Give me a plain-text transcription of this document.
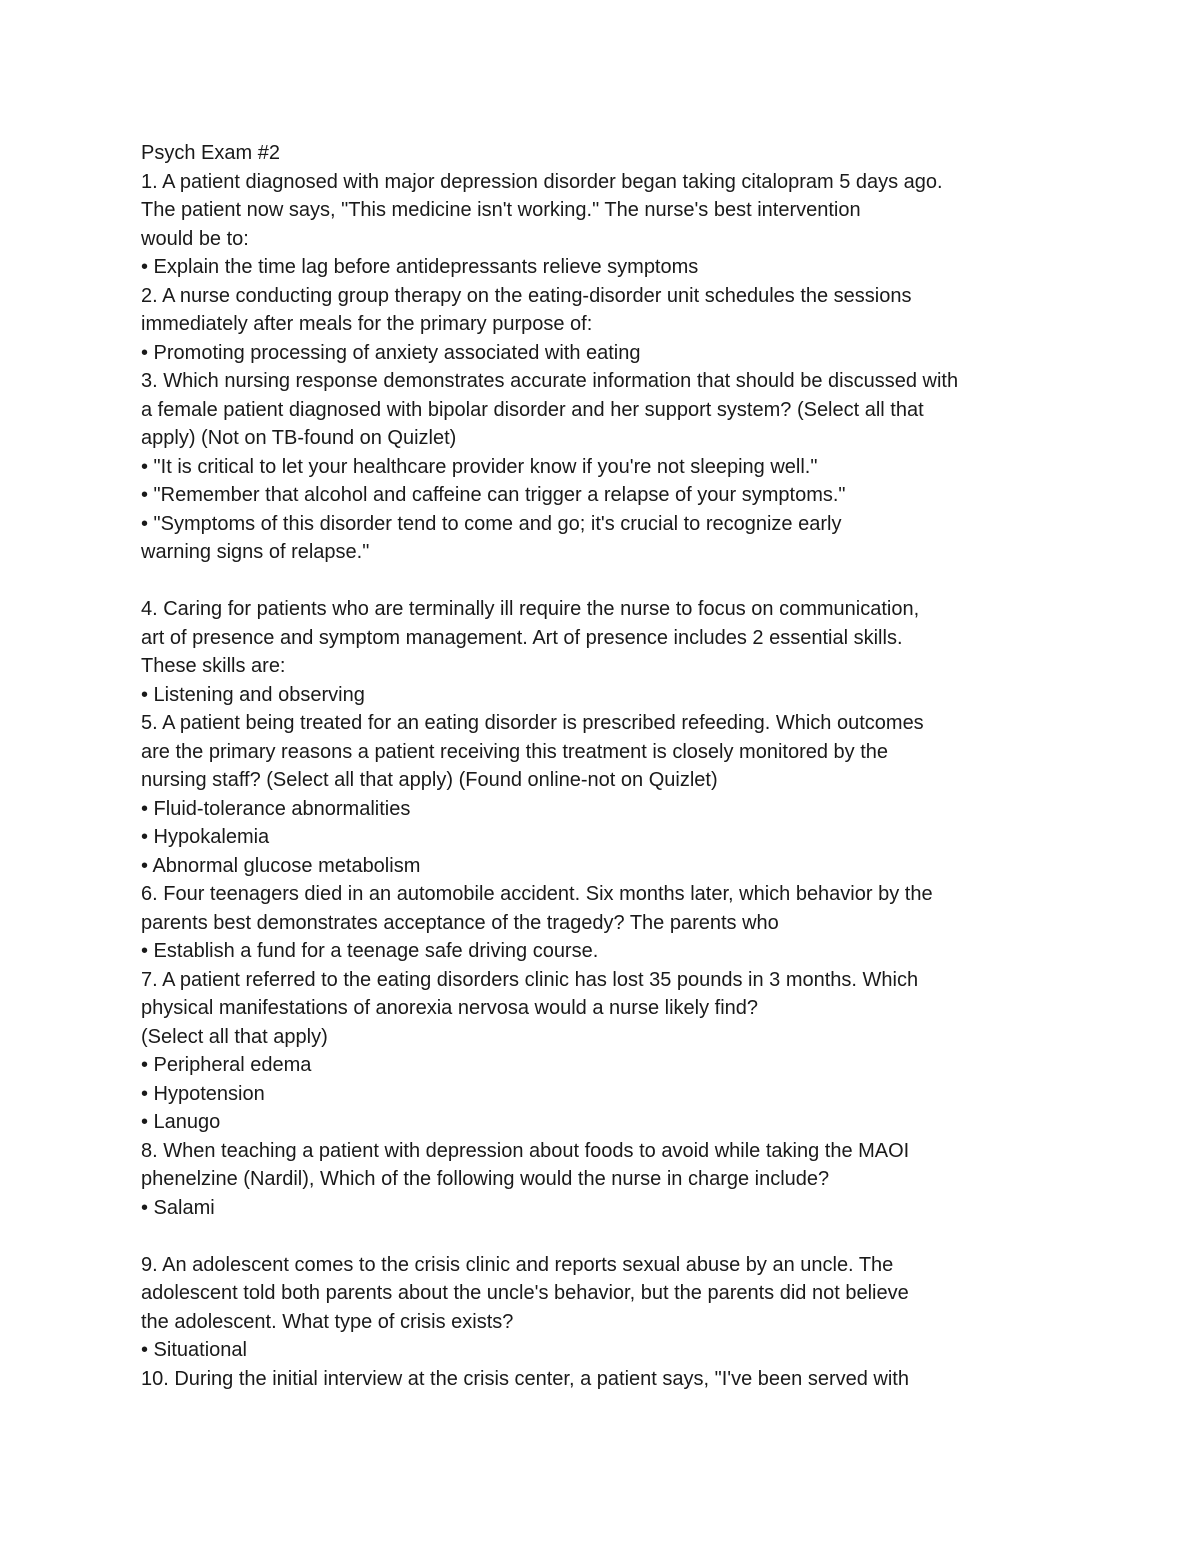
Psych Exam #2
1. A patient diagnosed with major depression disorder began taking citalopram 5 days ago.
The patient now says, "This medicine isn't working." The nurse's best intervention
would be to:
• Explain the time lag before antidepressants relieve symptoms
2. A nurse conducting group therapy on the eating-disorder unit schedules the sessions
immediately after meals for the primary purpose of:
• Promoting processing of anxiety associated with eating
3. Which nursing response demonstrates accurate information that should be discussed with
a female patient diagnosed with bipolar disorder and her support system? (Select all that
apply) (Not on TB-found on Quizlet)
• "It is critical to let your healthcare provider know if you're not sleeping well."
• "Remember that alcohol and caffeine can trigger a relapse of your symptoms."
• "Symptoms of this disorder tend to come and go; it's crucial to recognize early
warning signs of relapse."
4. Caring for patients who are terminally ill require the nurse to focus on communication,
art of presence and symptom management. Art of presence includes 2 essential skills.
These skills are:
• Listening and observing
5. A patient being treated for an eating disorder is prescribed refeeding. Which outcomes
are the primary reasons a patient receiving this treatment is closely monitored by the
nursing staff? (Select all that apply) (Found online-not on Quizlet)
• Fluid-tolerance abnormalities
• Hypokalemia
• Abnormal glucose metabolism
6. Four teenagers died in an automobile accident. Six months later, which behavior by the
parents best demonstrates acceptance of the tragedy? The parents who
• Establish a fund for a teenage safe driving course.
7. A patient referred to the eating disorders clinic has lost 35 pounds in 3 months. Which
physical manifestations of anorexia nervosa would a nurse likely find?
(Select all that apply)
• Peripheral edema
• Hypotension
• Lanugo
8. When teaching a patient with depression about foods to avoid while taking the MAOI
phenelzine (Nardil), Which of the following would the nurse in charge include?
• Salami
9. An adolescent comes to the crisis clinic and reports sexual abuse by an uncle. The
adolescent told both parents about the uncle's behavior, but the parents did not believe
the adolescent. What type of crisis exists?
• Situational
10. During the initial interview at the crisis center, a patient says, "I've been served with
